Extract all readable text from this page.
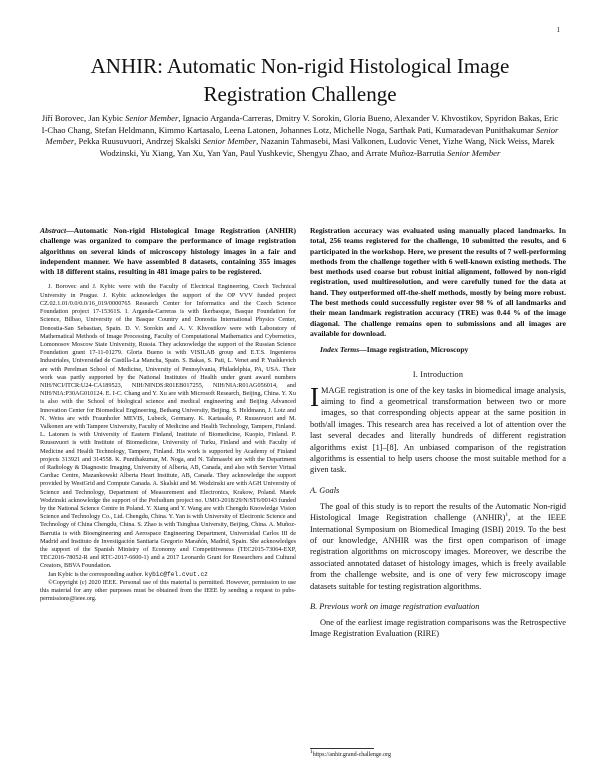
1
ANHIR: Automatic Non-rigid Histological Image Registration Challenge
Jiří Borovec, Jan Kybic Senior Member, Ignacio Arganda-Carreras, Dmitry V. Sorokin, Gloria Bueno, Alexander V. Khvostikov, Spyridon Bakas, Eric I-Chao Chang, Stefan Heldmann, Kimmo Kartasalo, Leena Latonen, Johannes Lotz, Michelle Noga, Sarthak Pati, Kumaradevan Punithakumar Senior Member, Pekka Ruusuvuori, Andrzej Skalski Senior Member, Nazanin Tahmasebi, Masi Valkonen, Ludovic Venet, Yizhe Wang, Nick Weiss, Marek Wodzinski, Yu Xiang, Yan Xu, Yan Yan, Paul Yushkevic, Shengyu Zhao, and Arrate Muñoz-Barrutia Senior Member

Abstract—Automatic Non-rigid Histological Image Registration (ANHIR) challenge was organized to compare the performance of image registration algorithms on several kinds of microscopy histology images in a fair and independent manner. We have assembled 8 datasets, containing 355 images with 18 different stains, resulting in 481 image pairs to be registered.

J. Borovec and J. Kybic were with the Faculty of Electrical Engineering, Czech Technical University in Prague. J. Kybic acknowledges the support of the OP VVV funded project CZ.02.1.01/0.0/0.0/16_019/0000765 Research Center for Informatics and the Czech Science Foundation project 17-15361S. I. Arganda-Carreras is with Ikerbasque, Basque Foundation for Science, Bilbao, University of the Basque Country and Donostia International Physics Center, Donostia-San Sebastian, Spain. D. V. Sorokin and A. V. Khvostikov were with Laboratory of Mathematical Methods of Image Processing, Faculty of Computational Mathematics and Cybernetics, Lomonosov Moscow State University, Russia. They acknowledge the support of the Russian Science Foundation grant 17-11-01279. Gloria Bueno is with VISILAB group and E.T.S. Ingenieros Industriales, Universidad de Castilla-La Mancha, Spain. S. Bakas, S. Pati, L. Venet and P. Yushkevich are with Perelman School of Medicine, University of Pennsylvania, Philadelphia, PA, USA. Their work was partly supported by the National Institutes of Health under grant award numbers NIH/NCI/ITCR:U24-CA189523, NIH/NINDS:R01EB017255, NIH/NIA:R01AG056014, and NIH/NIA:P30AG010124. E. I-C. Chang and Y. Xu are with Microsoft Research, Beijing, China. Y. Xu is also with the School of biological science and medical engineering and Beijing Advanced Innovation Center for Biomedical Engineering, Beihang University, Beijing. S. Heldmann, J. Lotz and N. Weiss are with Fraunhofer MEVIS, Lubeck, Germany. K. Kartasalo, P. Ruusuvuori and M. Valkonen are with Tampere University, Faculty of Medicine and Health Technology, Tampere, Finland. L. Latonen is with University of Eastern Finland, Institute of Biomedicine, Kuopio, Finland. P. Ruusuvuori is with Institute of Biomedicine, University of Turku, Finland and with Faculty of Medicine and Health Technology, Tampere, Finland. His work is supported by Academy of Finland projects 313921 and 314558. K. Punithakumar, M. Noga, and N. Tahmasebi are with the Department of Radiology & Diagnostic Imaging, University of Alberta, AB, Canada, and also with Servier Virtual Cardiac Centre, Mazankowski Alberta Heart Institute, AB, Canada. They acknowledge the support provided by WestGrid and Compute Canada. A. Skalski and M. Wodzinski are with AGH University of Science and Technology, Department of Measurement and Electronics, Krakow, Poland. Marek Wodzinski acknowledge the support of the Preludium project no. UMO-2018/29/N/ST6/00143 funded by the National Science Centre in Poland. Y. Xiang and Y. Wang are with Chengdu Knowledge Vision Science and Technology Co., Ltd. Chengdu, China. Y. Yan is with University of Electronic Science and Technology of China Chengdu, China. S. Zhao is with Tsinghua University, Beijing, China. A. Muñoz-Barrutia is with Bioengineering and Aerospace Engineering Department, Universidad Carlos III de Madrid and Instituto de Investigación Sanitaria Gregorio Marañón, Madrid, Spain. She acknowledges the support of the Spanish Ministry of Economy and Competitiveness (TEC2015-73064-EXP, TEC2016-78052-R and RTC-2017-6600-1) and a 2017 Leonardo Grant for Researchers and Cultural Creators, BBVA Foundation.

Jan Kybic is the corresponding author. kybic@fel.cvut.cz

©Copyright (c) 2020 IEEE. Personal use of this material is permitted. However, permission to use this material for any other purposes must be obtained from the IEEE by sending a request to pubs-permissions@ieee.org.

Registration accuracy was evaluated using manually placed landmarks. In total, 256 teams registered for the challenge, 10 submitted the results, and 6 participated in the workshop. Here, we present the results of 7 well-performing methods from the challenge together with 6 well-known existing methods. The best methods used coarse but robust initial alignment, followed by non-rigid registration, used multiresolution, and were carefully tuned for the data at hand. They outperformed off-the-shelf methods, mostly by being more robust. The best methods could successfully register over 98 % of all landmarks and their mean landmark registration accuracy (TRE) was 0.44 % of the image diagonal. The challenge remains open to submissions and all images are available for download.

Index Terms—Image registration, Microscopy

I. Introduction

IMAGE registration is one of the key tasks in biomedical image analysis, aiming to find a geometrical transformation between two or more images, so that corresponding objects appear at the same position in both/all images. This research area has received a lot of attention over the last several decades and literally hundreds of different registration algorithms exist [1]–[8]. An unbiased comparison of the registration algorithms is essential to help users choose the most suitable method for a given task.

A. Goals

The goal of this study is to report the results of the Automatic Non-rigid Histological Image Registration challenge (ANHIR)$^1$, at the IEEE International Symposium on Biomedical Imaging (ISBI) 2019. To the best of our knowledge, ANHIR was the first open comparison of image registration algorithms on microscopy images. Moreover, we describe the associated annotated dataset of histology images, which is freely available from the challenge website, and is one of very few microscopy image datasets suitable for testing registration algorithms.

B. Previous work on image registration evaluation

One of the earliest image registration comparisons was the Retrospective Image Registration Evaluation (RIRE)

$^1$https://anhir.grand-challenge.org
